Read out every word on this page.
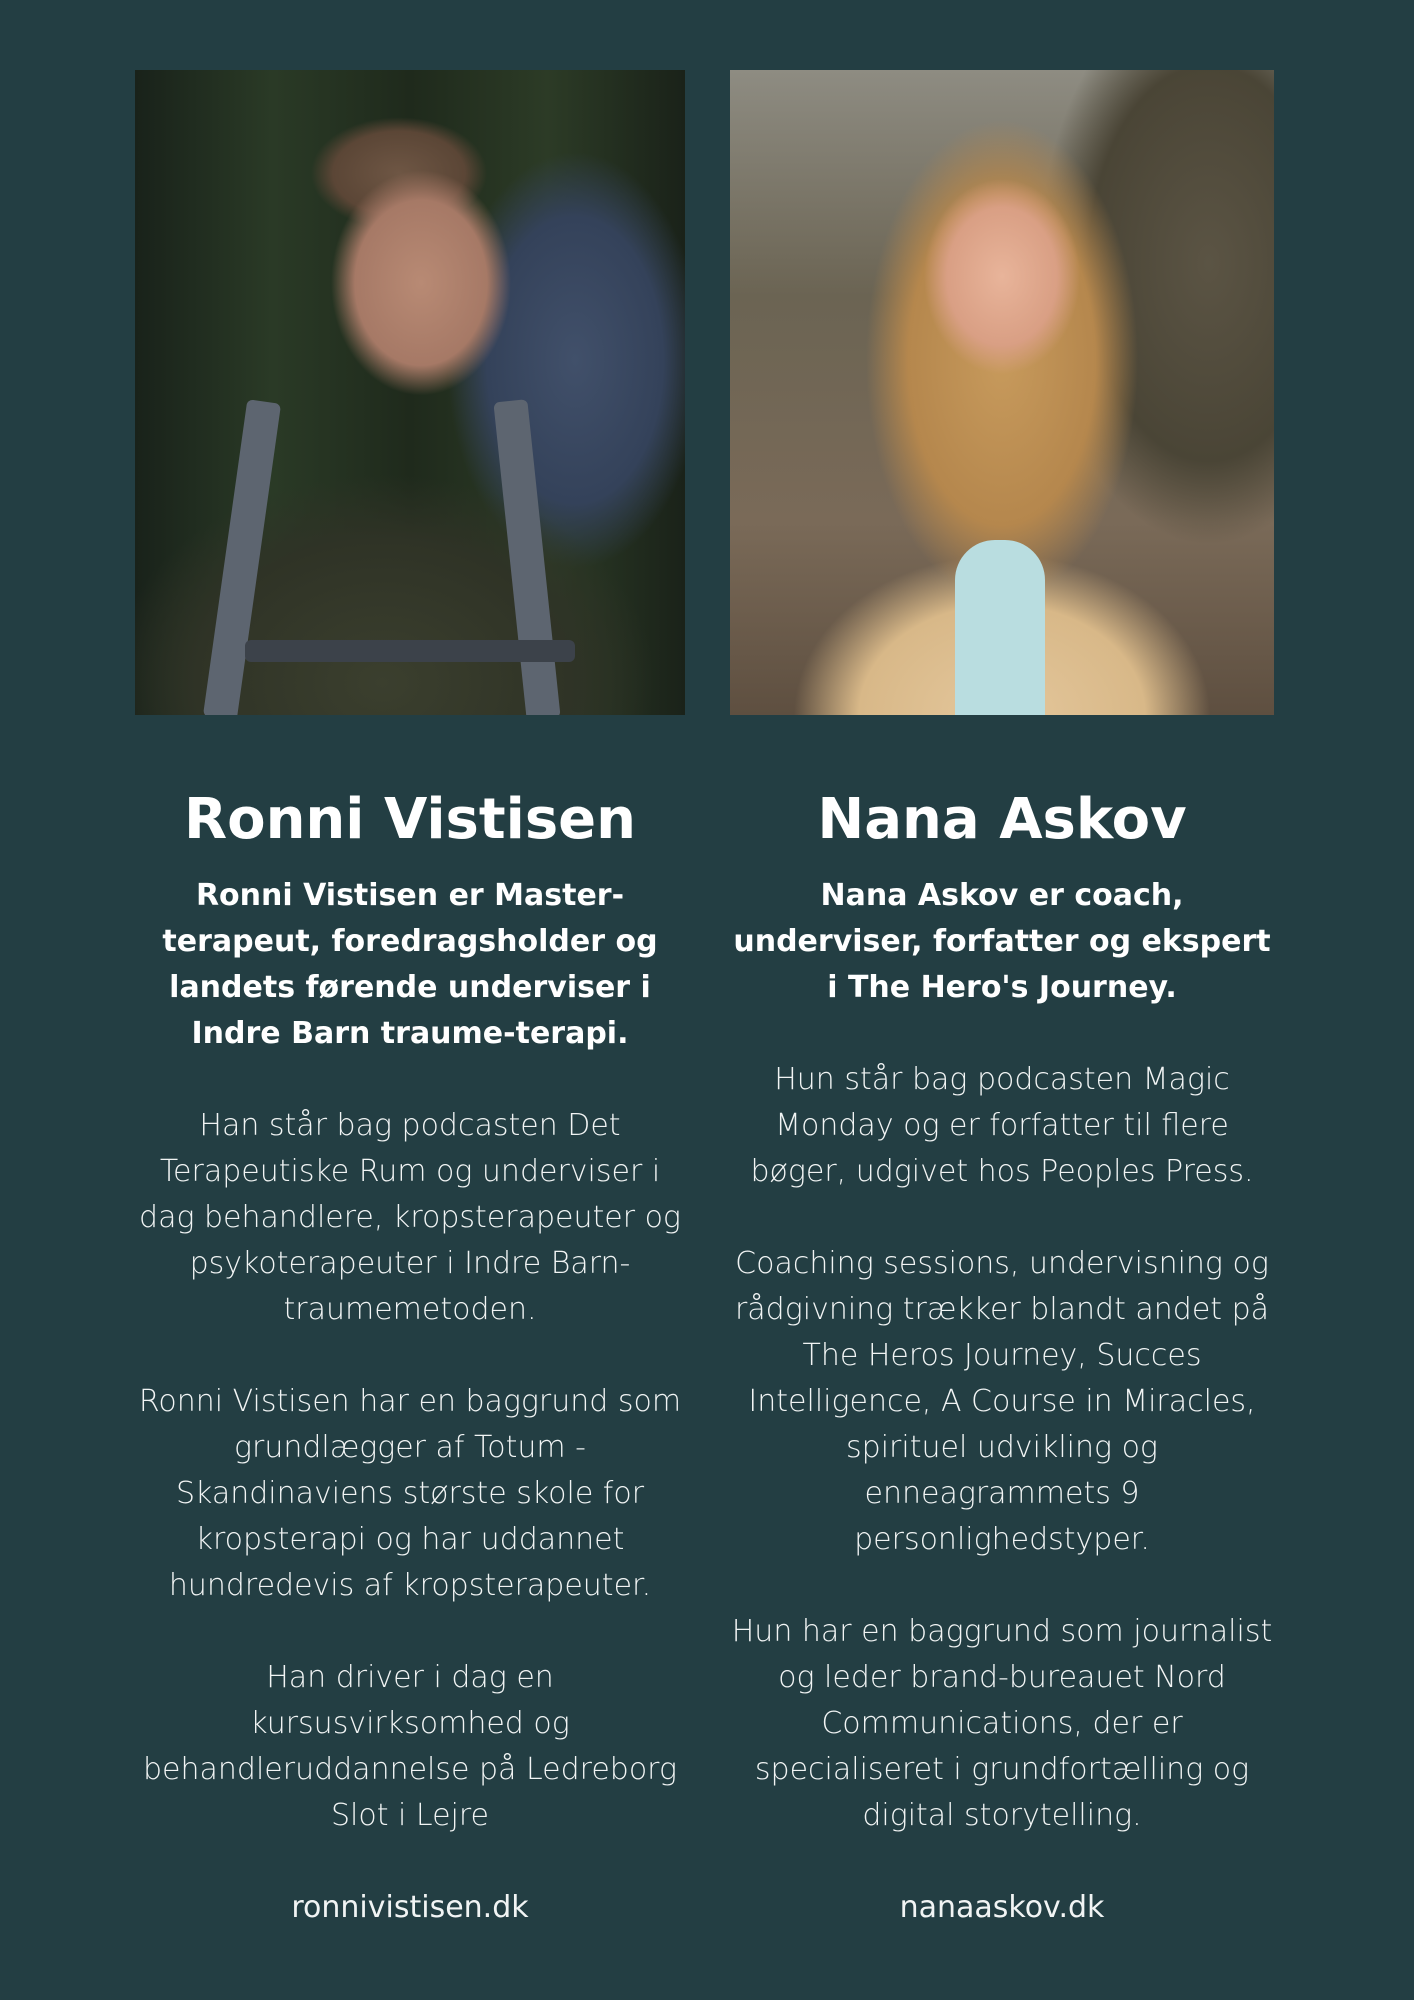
Ronni Vistisen

Ronni Vistisen er Master-terapeut, foredragsholder og landets førende underviser i Indre Barn traume-terapi.

Han står bag podcasten Det Terapeutiske Rum og underviser i dag behandlere, kropsterapeuter og psykoterapeuter i Indre Barn-traumemetoden.

Ronni Vistisen har en baggrund som grundlægger af Totum - Skandinaviens største skole for kropsterapi og har uddannet hundredevis af kropsterapeuter.

Han driver i dag en kursusvirksomhed og behandleruddannelse på Ledreborg Slot i Lejre

ronnivistisen.dk

Nana Askov

Nana Askov er coach, underviser, forfatter og ekspert i The Hero's Journey.

Hun står bag podcasten Magic Monday og er forfatter til flere bøger, udgivet hos Peoples Press.

Coaching sessions, undervisning og rådgivning trækker blandt andet på The Heros Journey, Succes Intelligence, A Course in Miracles, spirituel udvikling og enneagrammets 9 personlighedstyper.

Hun har en baggrund som journalist og leder brand-bureauet Nord Communications, der er specialiseret i grundfortælling og digital storytelling.

nanaaskov.dk
